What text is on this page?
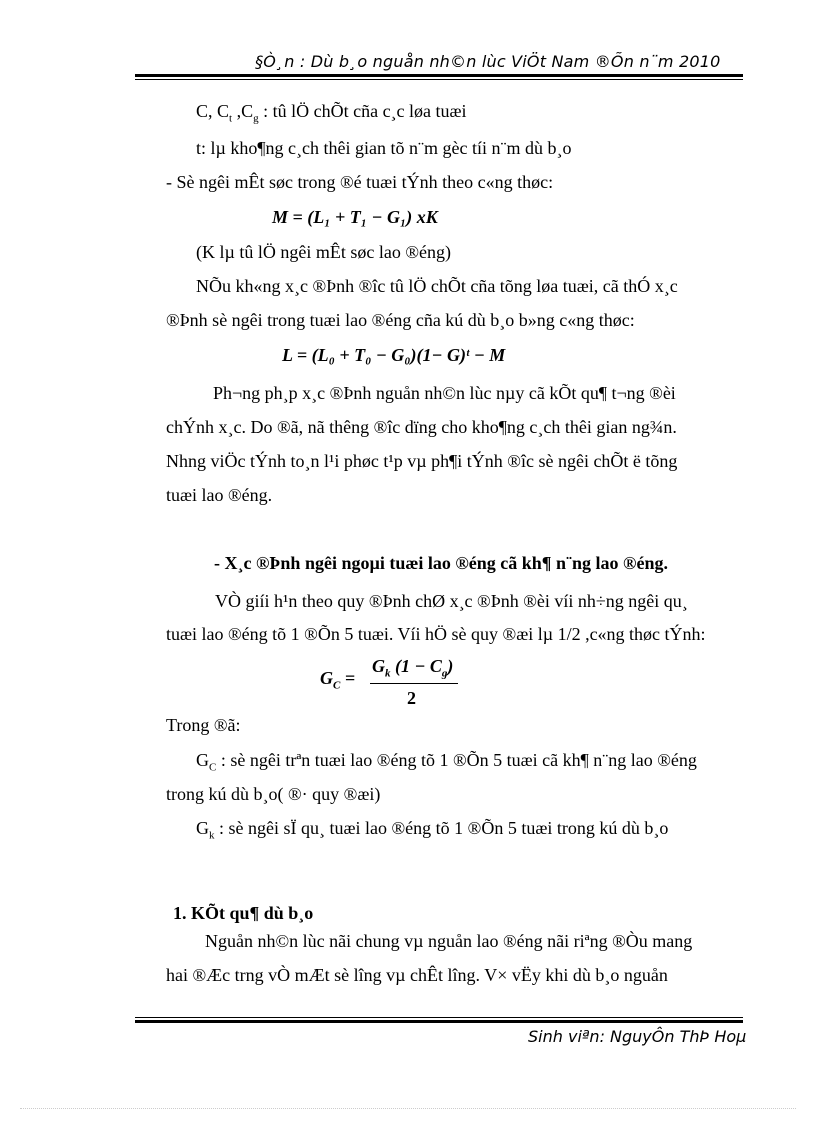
§Ò¸n : Dù b¸o nguån nh©n lùc ViÖt Nam ®Õn n¨m 2010
C, $C_t$ $,C_g$ : tû lÖ chÕt cña c¸c løa tuæi
t: lµ kho¶ng c¸ch thêi gian tõ n¨m gèc tíi n¨m dù b¸o
- Sè ngêi mÊt søc trong ®é tuæi tÝnh theo c«ng thøc:
M = (L₁ + T₁ − G₁) xK
(K lµ tû lÖ ngêi mÊt søc lao ®éng)
NÕu kh«ng x¸c ®Þnh ®îc tû lÖ chÕt cña tõng løa tuæi, cã thÓ x¸c
®Þnh sè ngêi trong tuæi lao ®éng cña kú dù b¸o b»ng c«ng thøc:
L = (L₀ + T₀ − G₀)(1− G)ᵗ − M
Ph¬ng ph¸p x¸c ®Þnh nguån nh©n lùc nµy cã kÕt qu¶ t¬ng ®èi
chÝnh x¸c. Do ®ã, nã thêng ®îc dïng cho kho¶ng c¸ch thêi gian ng¾n.
Nhng viÖc tÝnh to¸n l¹i phøc t¹p vµ ph¶i tÝnh ®îc sè ngêi chÕt ë tõng
tuæi lao ®éng.
- X¸c ®Þnh ngêi ngoµi tuæi lao ®éng cã kh¶ n¨ng lao ®éng.
VÒ giíi h¹n theo quy ®Þnh chØ x¸c ®Þnh ®èi víi nh÷ng ngêi qu¸
tuæi lao ®éng tõ 1 ®Õn 5 tuæi. Víi hÖ sè quy ®æi lµ 1/2 ,c«ng thøc tÝnh:
$G_C$ =
$G_k$ $(1 - C_g)$
2
Trong ®ã:
$G_C$ : sè ngêi trªn tuæi lao ®éng tõ 1 ®Õn 5 tuæi cã kh¶ n¨ng lao ®éng
trong kú dù b¸o( ®· quy ®æi)
$G_k$ : sè ngêi sÏ qu¸ tuæi lao ®éng tõ 1 ®Õn 5 tuæi trong kú dù b¸o
1. KÕt qu¶ dù b¸o
Nguån nh©n lùc nãi chung vµ nguån lao ®éng nãi riªng ®Òu mang
hai ®Æc trng vÒ mÆt sè lîng vµ chÊt lîng. V× vËy khi dù b¸o nguån
Sinh viªn: NguyÔn ThÞ Hoµ
